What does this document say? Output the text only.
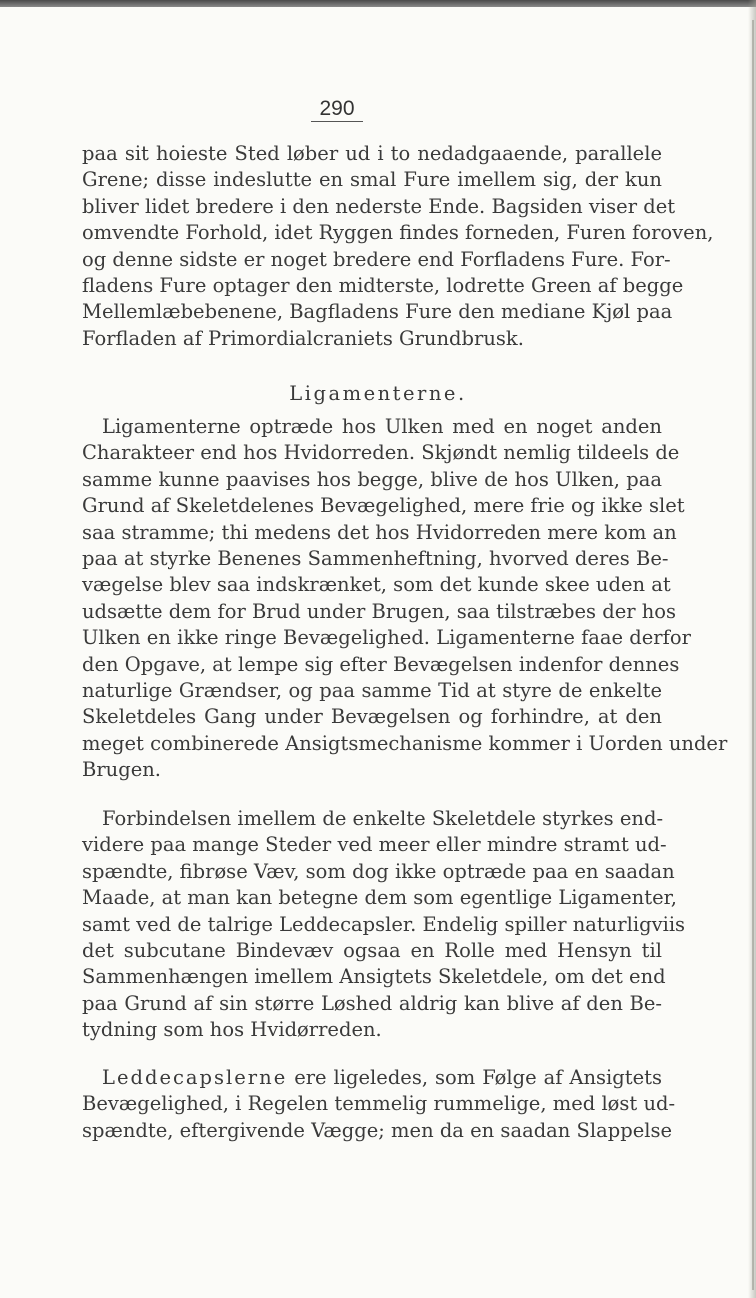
290
paa sit hoieste Sted løber ud i to nedadgaaende, parallele
Grene; disse indeslutte en smal Fure imellem sig, der kun
bliver lidet bredere i den nederste Ende. Bagsiden viser det
omvendte Forhold, idet Ryggen findes forneden, Furen foroven,
og denne sidste er noget bredere end Forfladens Fure. For-
fladens Fure optager den midterste, lodrette Green af begge
Mellemlæbebenene, Bagfladens Fure den mediane Kjøl paa
Forfladen af Primordialcraniets Grundbrusk.
Ligamenterne.
Ligamenterne optræde hos Ulken med en noget anden
Charakteer end hos Hvidorreden. Skjøndt nemlig tildeels de
samme kunne paavises hos begge, blive de hos Ulken, paa
Grund af Skeletdelenes Bevægelighed, mere frie og ikke slet
saa stramme; thi medens det hos Hvidorreden mere kom an
paa at styrke Benenes Sammenheftning, hvorved deres Be-
vægelse blev saa indskrænket, som det kunde skee uden at
udsætte dem for Brud under Brugen, saa tilstræbes der hos
Ulken en ikke ringe Bevægelighed. Ligamenterne faae derfor
den Opgave, at lempe sig efter Bevægelsen indenfor dennes
naturlige Grændser, og paa samme Tid at styre de enkelte
Skeletdeles Gang under Bevægelsen og forhindre, at den
meget combinerede Ansigtsmechanisme kommer i Uorden under
Brugen.
Forbindelsen imellem de enkelte Skeletdele styrkes end-
videre paa mange Steder ved meer eller mindre stramt ud-
spændte, fibrøse Væv, som dog ikke optræde paa en saadan
Maade, at man kan betegne dem som egentlige Ligamenter,
samt ved de talrige Leddecapsler. Endelig spiller naturligviis
det subcutane Bindevæv ogsaa en Rolle med Hensyn til
Sammenhængen imellem Ansigtets Skeletdele, om det end
paa Grund af sin større Løshed aldrig kan blive af den Be-
tydning som hos Hvidørreden.
Leddecapslerne ere ligeledes, som Følge af Ansigtets
Bevægelighed, i Regelen temmelig rummelige, med løst ud-
spændte, eftergivende Vægge; men da en saadan Slappelse
